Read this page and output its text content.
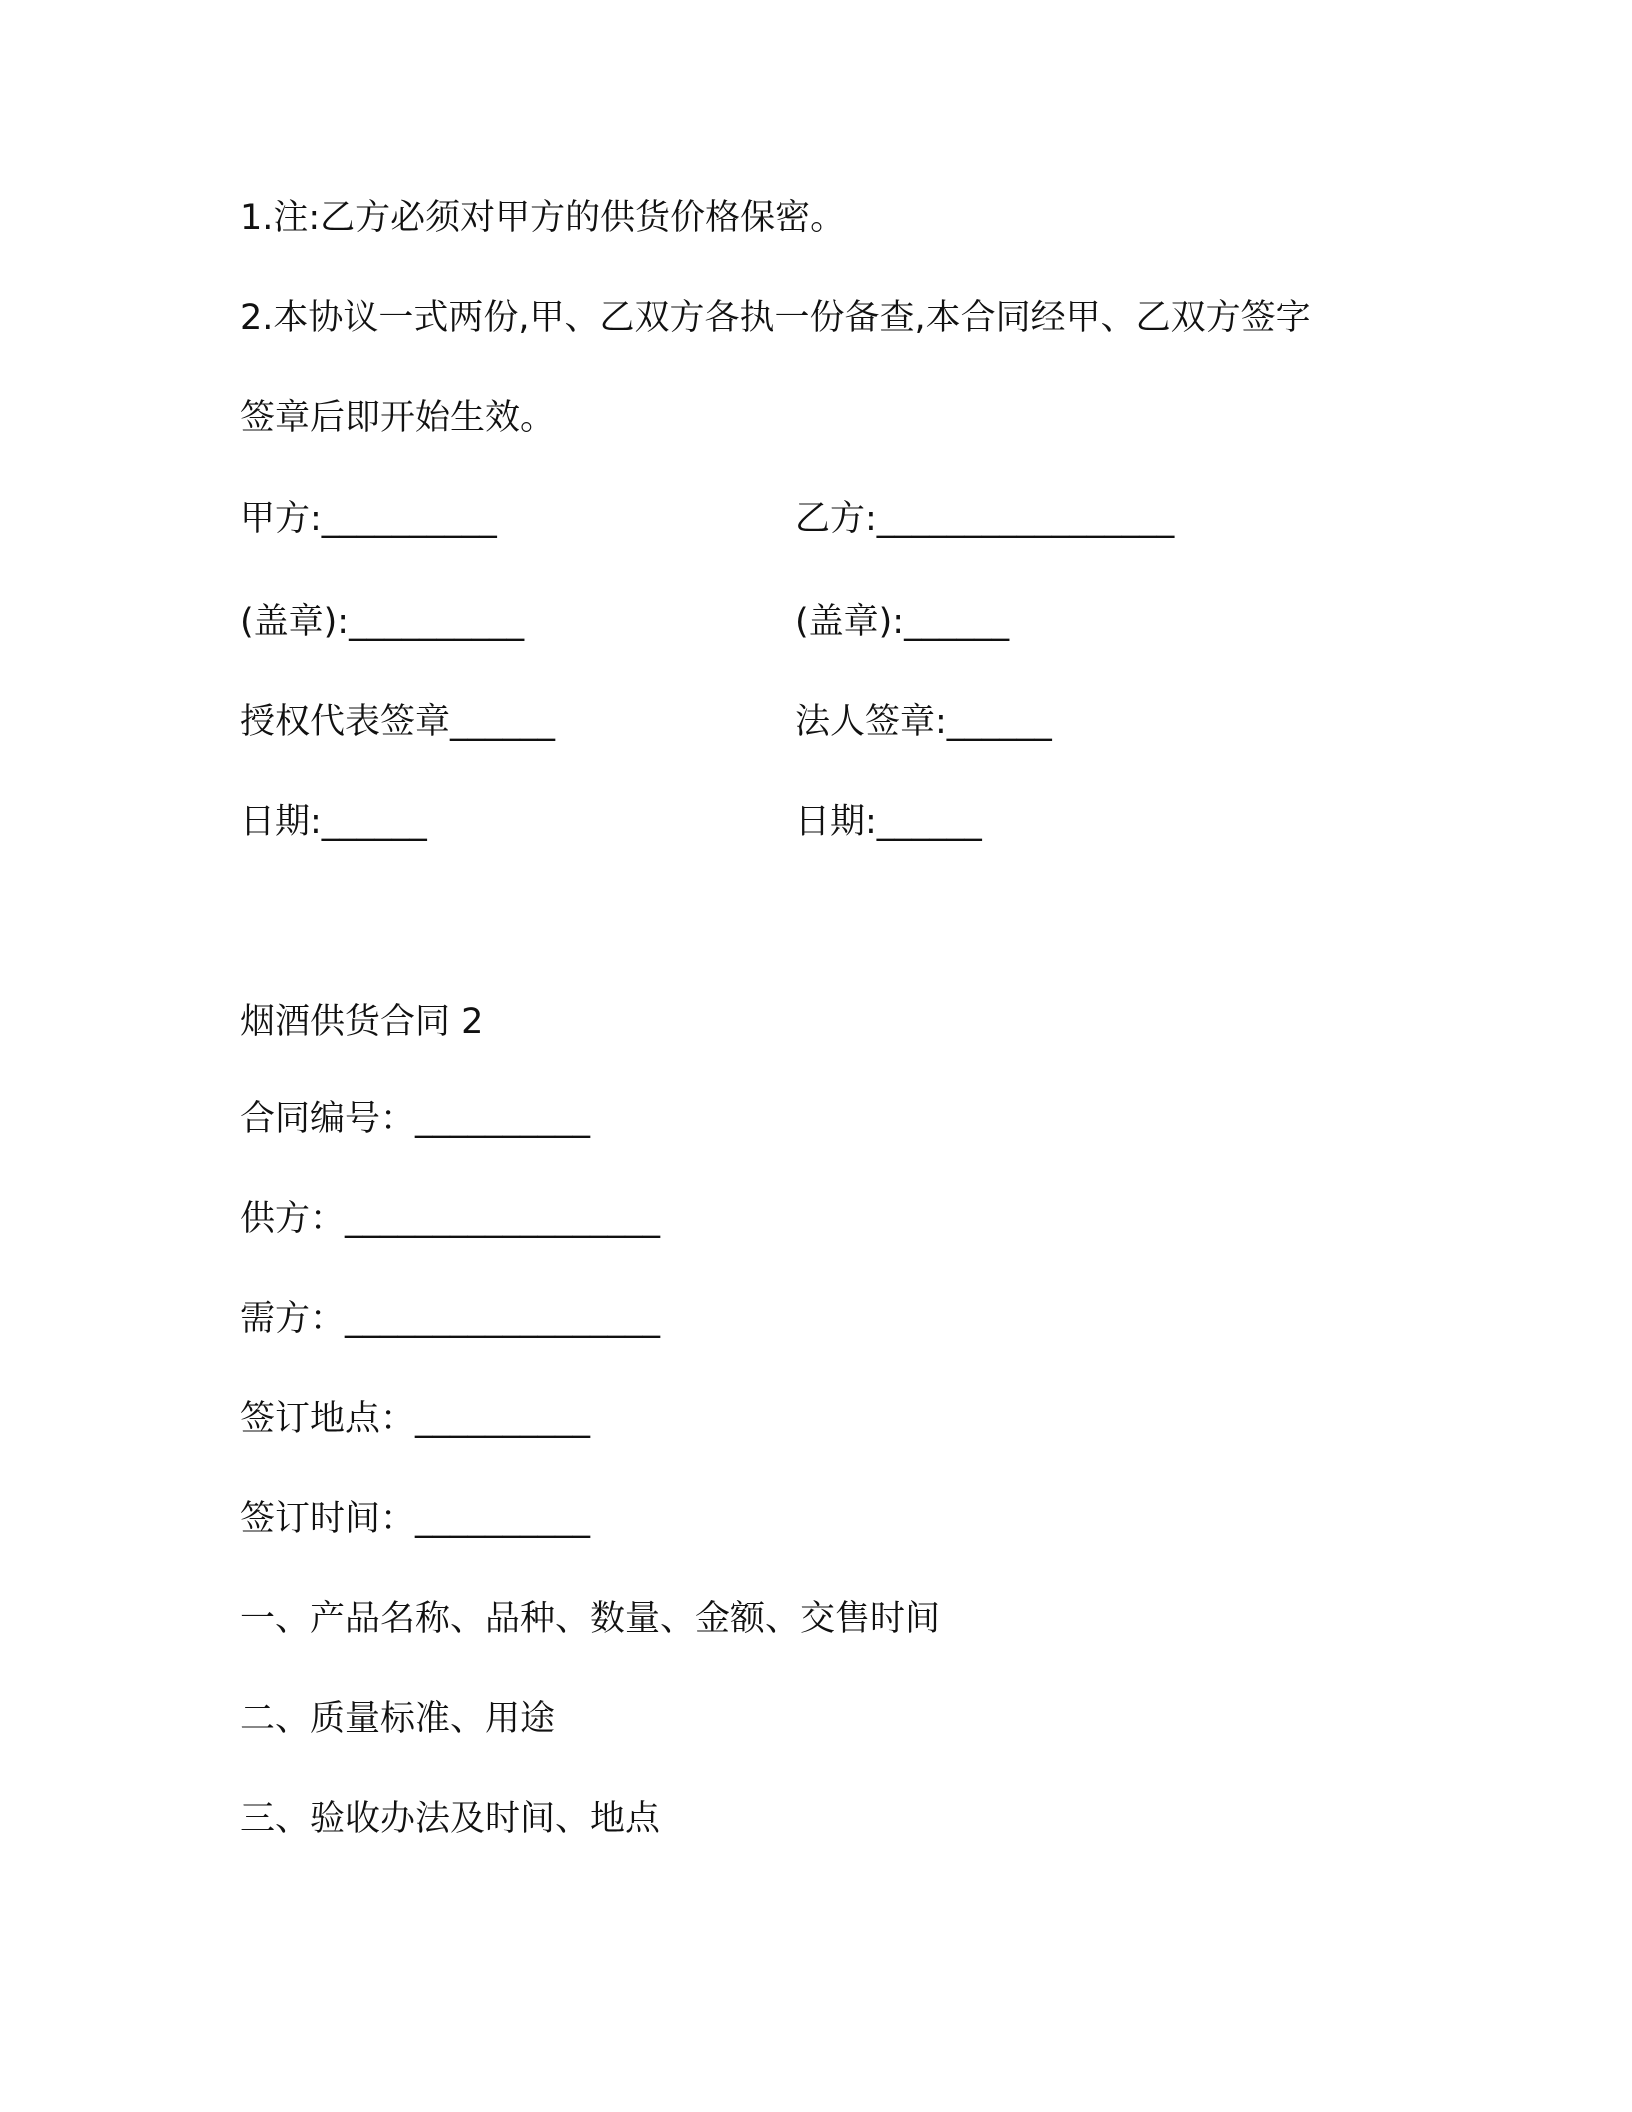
1.注:乙方必须对甲方的供货价格保密。
2.本协议一式两份,甲、乙双方各执一份备查,本合同经甲、乙双方签字
签章后即开始生效。
甲方:__________	乙方:_________________
(盖章):__________	(盖章):______
授权代表签章______	法人签章:______
日期:______	日期:______
烟酒供货合同 2
合同编号：__________
供方：__________________
需方：__________________
签订地点：__________
签订时间：__________
一、产品名称、品种、数量、金额、交售时间
二、质量标准、用途
三、验收办法及时间、地点
